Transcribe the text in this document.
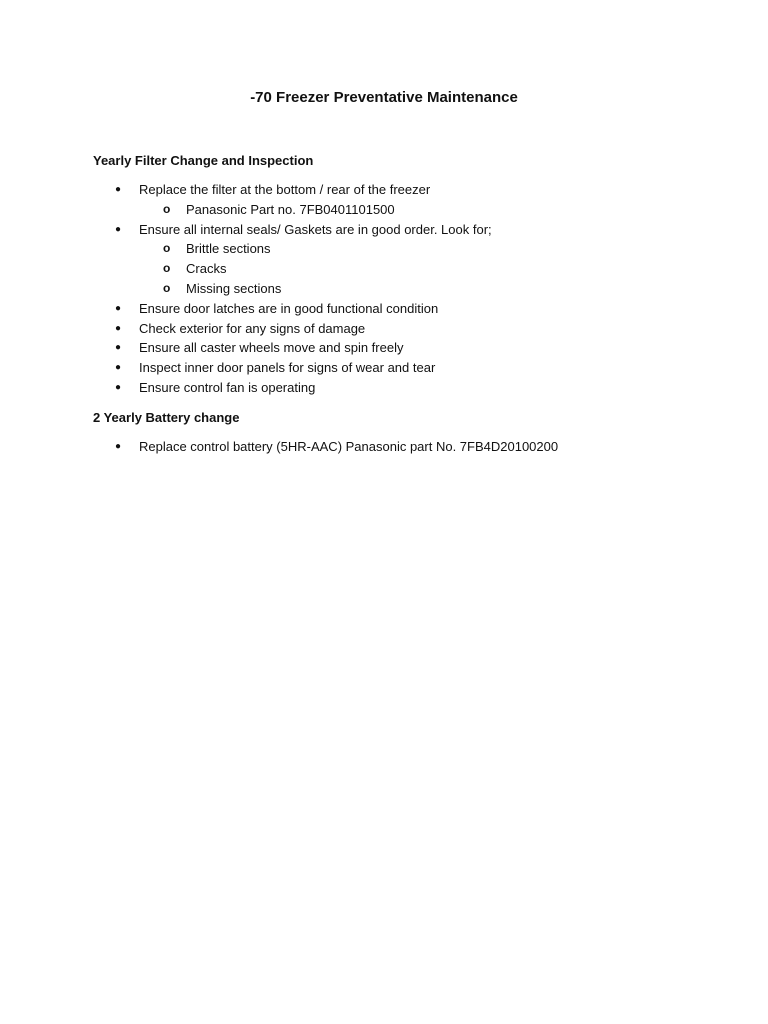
-70 Freezer Preventative Maintenance
Yearly Filter Change and Inspection
● Replace the filter at the bottom / rear of the freezer
o Panasonic Part no. 7FB0401101500
● Ensure all internal seals/ Gaskets are in good order. Look for;
o Brittle sections
o Cracks
o Missing sections
● Ensure door latches are in good functional condition
● Check exterior for any signs of damage
● Ensure all caster wheels move and spin freely
● Inspect inner door panels for signs of wear and tear
● Ensure control fan is operating
2 Yearly Battery change
● Replace control battery (5HR-AAC) Panasonic part No. 7FB4D20100200
